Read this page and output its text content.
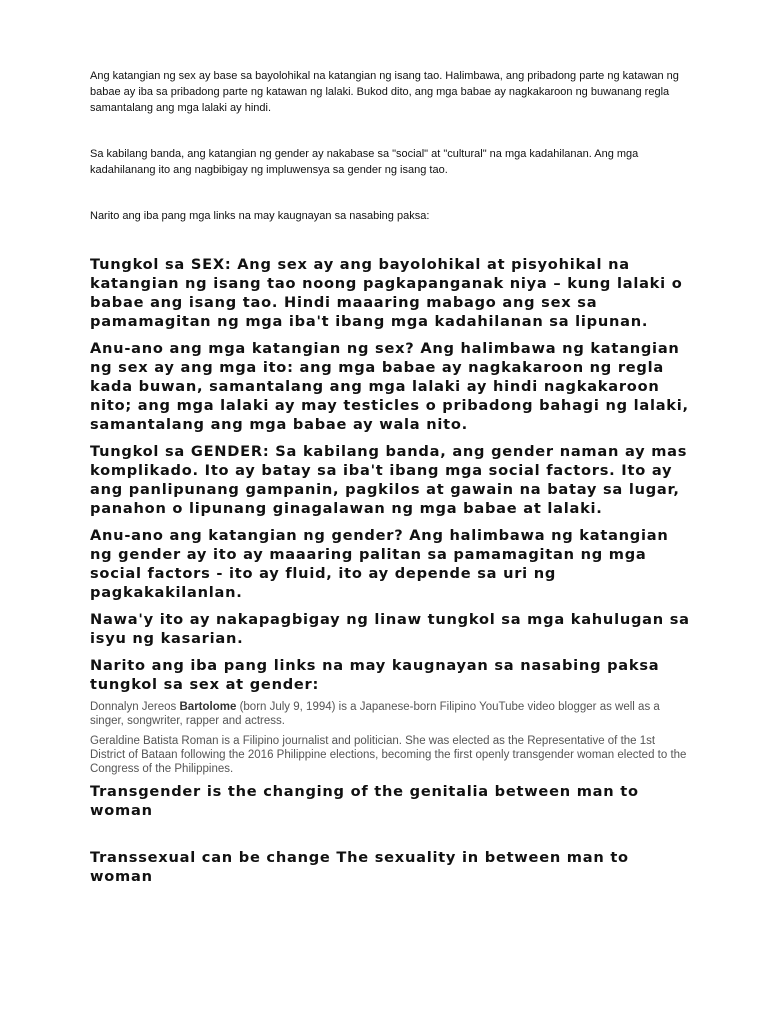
Ang katangian ng sex ay base sa bayolohikal na katangian ng isang tao. Halimbawa, ang pribadong parte ng katawan ng babae ay iba sa pribadong parte ng katawan ng lalaki. Bukod dito, ang mga babae ay nagkakaroon ng buwanang regla samantalang ang mga lalaki ay hindi.

Sa kabilang banda, ang katangian ng gender ay nakabase sa "social" at "cultural" na mga kadahilanan. Ang mga kadahilanang ito ang nagbibigay ng impluwensya sa gender ng isang tao.

Narito ang iba pang mga links na may kaugnayan sa nasabing paksa:

Tungkol sa SEX: Ang sex ay ang bayolohikal at pisyohikal na katangian ng isang tao noong pagkapanganak niya – kung lalaki o babae ang isang tao. Hindi maaaring mabago ang sex sa pamamagitan ng mga iba't ibang mga kadahilanan sa lipunan.

Anu-ano ang mga katangian ng sex? Ang halimbawa ng katangian ng sex ay ang mga ito: ang mga babae ay nagkakaroon ng regla kada buwan, samantalang ang mga lalaki ay hindi nagkakaroon nito; ang mga lalaki ay may testicles o pribadong bahagi ng lalaki, samantalang ang mga babae ay wala nito.

Tungkol sa GENDER: Sa kabilang banda, ang gender naman ay mas komplikado. Ito ay batay sa iba't ibang mga social factors. Ito ay ang panlipunang gampanin, pagkilos at gawain na batay sa lugar, panahon o lipunang ginagalawan ng mga babae at lalaki.

Anu-ano ang katangian ng gender? Ang halimbawa ng katangian ng gender ay ito ay maaaring palitan sa pamamagitan ng mga social factors - ito ay fluid, ito ay depende sa uri ng pagkakakilanlan.

Nawa'y ito ay nakapagbigay ng linaw tungkol sa mga kahulugan sa isyu ng kasarian.

Narito ang iba pang links na may kaugnayan sa nasabing paksa tungkol sa sex at gender:

Donnalyn Jereos Bartolome (born July 9, 1994) is a Japanese-born Filipino YouTube video blogger as well as a singer, songwriter, rapper and actress.

Geraldine Batista Roman is a Filipino journalist and politician. She was elected as the Representative of the 1st District of Bataan following the 2016 Philippine elections, becoming the first openly transgender woman elected to the Congress of the Philippines.

Transgender is the changing of the genitalia between man to woman

Transsexual can be change The sexuality in between man to woman
